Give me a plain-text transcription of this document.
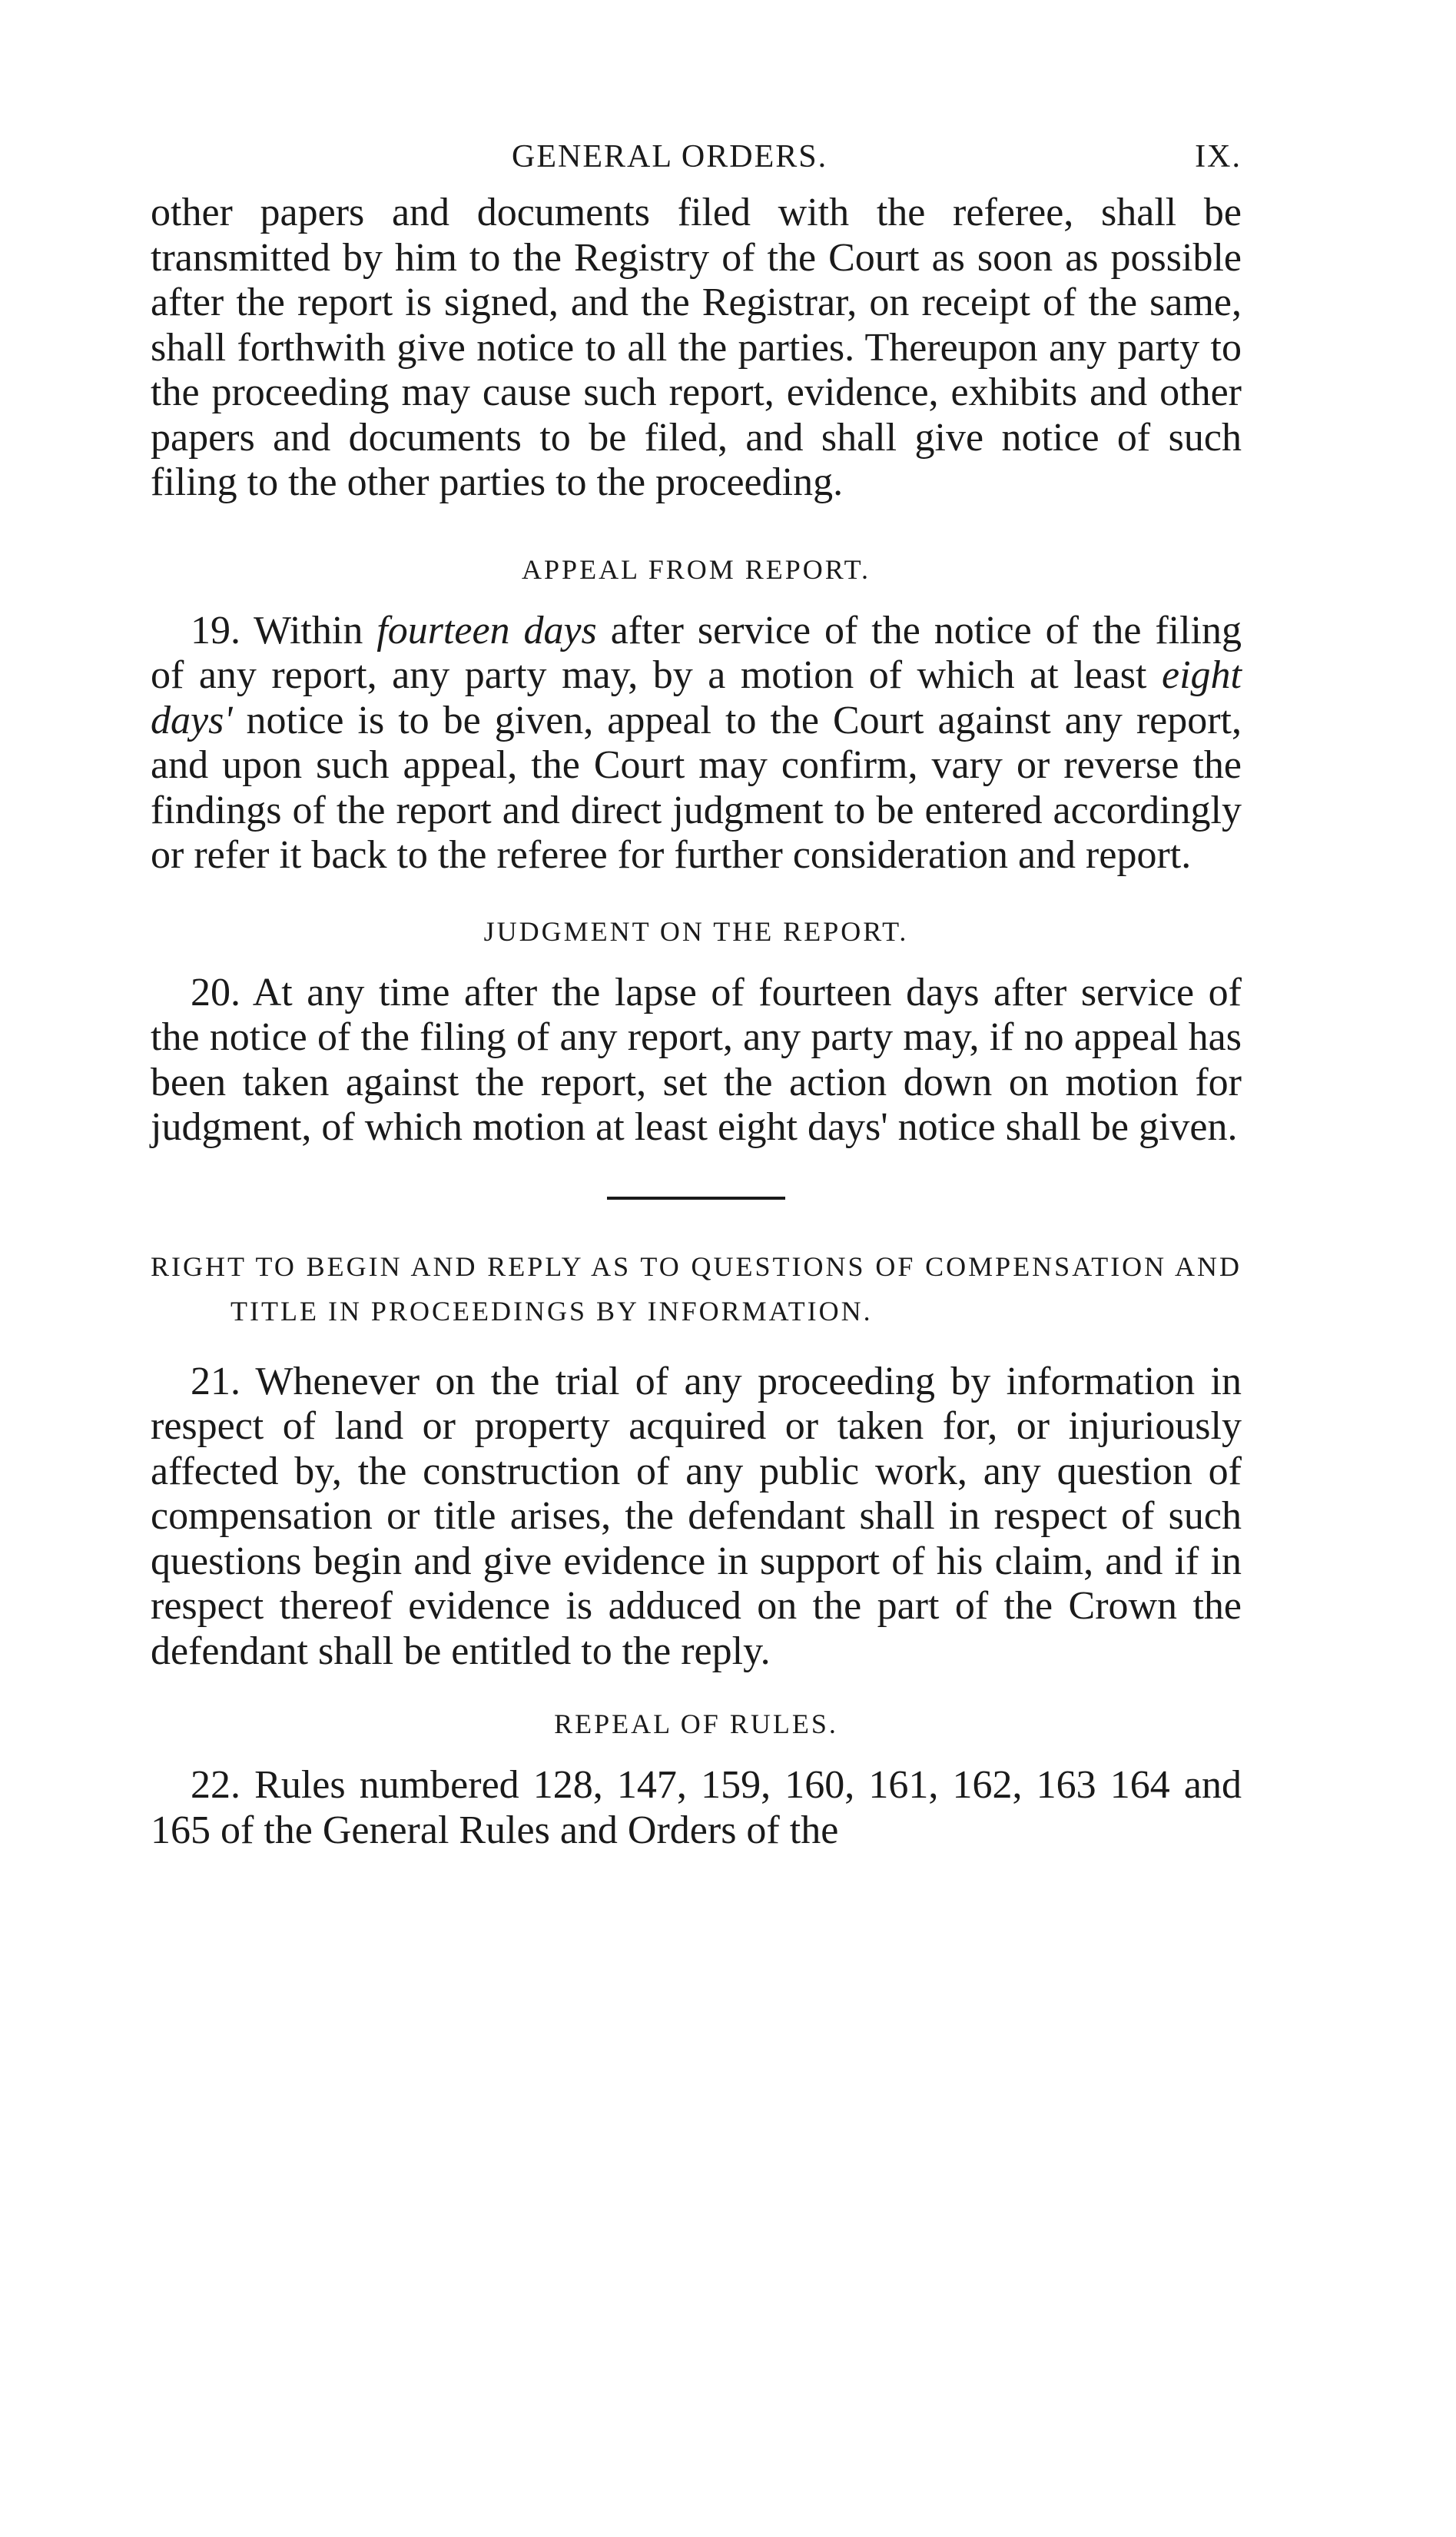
GENERAL ORDERS.	IX.

other papers and documents filed with the referee, shall be transmitted by him to the Registry of the Court as soon as possible after the report is signed, and the Registrar, on receipt of the same, shall forthwith give notice to all the parties. Thereupon any party to the proceeding may cause such report, evidence, exhibits and other papers and documents to be filed, and shall give notice of such filing to the other parties to the proceeding.

APPEAL FROM REPORT.

19. Within fourteen days after service of the notice of the filing of any report, any party may, by a motion of which at least eight days' notice is to be given, appeal to the Court against any report, and upon such appeal, the Court may confirm, vary or reverse the findings of the report and direct judgment to be entered accordingly or refer it back to the referee for further consideration and report.

JUDGMENT ON THE REPORT.

20. At any time after the lapse of fourteen days after service of the notice of the filing of any report, any party may, if no appeal has been taken against the report, set the action down on motion for judgment, of which motion at least eight days' notice shall be given.

RIGHT TO BEGIN AND REPLY AS TO QUESTIONS OF COMPENSATION AND TITLE IN PROCEEDINGS BY INFORMATION.

21. Whenever on the trial of any proceeding by information in respect of land or property acquired or taken for, or injuriously affected by, the construction of any public work, any question of compensation or title arises, the defendant shall in respect of such questions begin and give evidence in support of his claim, and if in respect thereof evidence is adduced on the part of the Crown the defendant shall be entitled to the reply.

REPEAL OF RULES.

22. Rules numbered 128, 147, 159, 160, 161, 162, 163 164 and 165 of the General Rules and Orders of the
